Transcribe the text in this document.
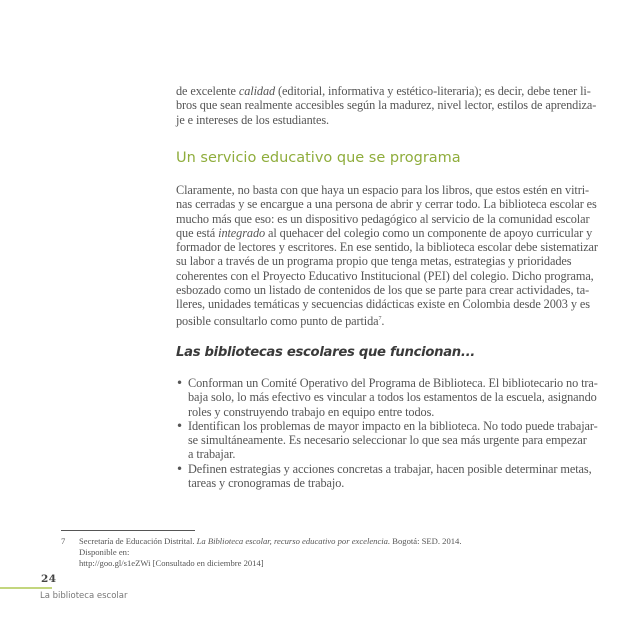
de excelente calidad (editorial, informativa y estético-literaria); es decir, debe tener li-
bros que sean realmente accesibles según la madurez, nivel lector, estilos de aprendiza-
je e intereses de los estudiantes.

Un servicio educativo que se programa

Claramente, no basta con que haya un espacio para los libros, que estos estén en vitri-
nas cerradas y se encargue a una persona de abrir y cerrar todo. La biblioteca escolar es
mucho más que eso: es un dispositivo pedagógico al servicio de la comunidad escolar
que está integrado al quehacer del colegio como un componente de apoyo curricular y
formador de lectores y escritores. En ese sentido, la biblioteca escolar debe sistematizar
su labor a través de un programa propio que tenga metas, estrategias y prioridades
coherentes con el Proyecto Educativo Institucional (PEI) del colegio. Dicho programa,
esbozado como un listado de contenidos de los que se parte para crear actividades, ta-
lleres, unidades temáticas y secuencias didácticas existe en Colombia desde 2003 y es
posible consultarlo como punto de partida$^7$.

Las bibliotecas escolares que funcionan...
• Conforman un Comité Operativo del Programa de Biblioteca. El bibliotecario no tra-
baja solo, lo más efectivo es vincular a todos los estamentos de la escuela, asignando
roles y construyendo trabajo en equipo entre todos.

• Identifican los problemas de mayor impacto en la biblioteca. No todo puede trabajar-
se simultáneamente. Es necesario seleccionar lo que sea más urgente para empezar
a trabajar.

• Definen estrategias y acciones concretas a trabajar, hacen posible determinar metas,
tareas y cronogramas de trabajo.

7	Secretaría de Educación Distrital. La Biblioteca escolar, recurso educativo por excelencia. Bogotá: SED. 2014. Disponible en:
http://goo.gl/s1eZWi [Consultado en diciembre 2014]
24
La biblioteca escolar
